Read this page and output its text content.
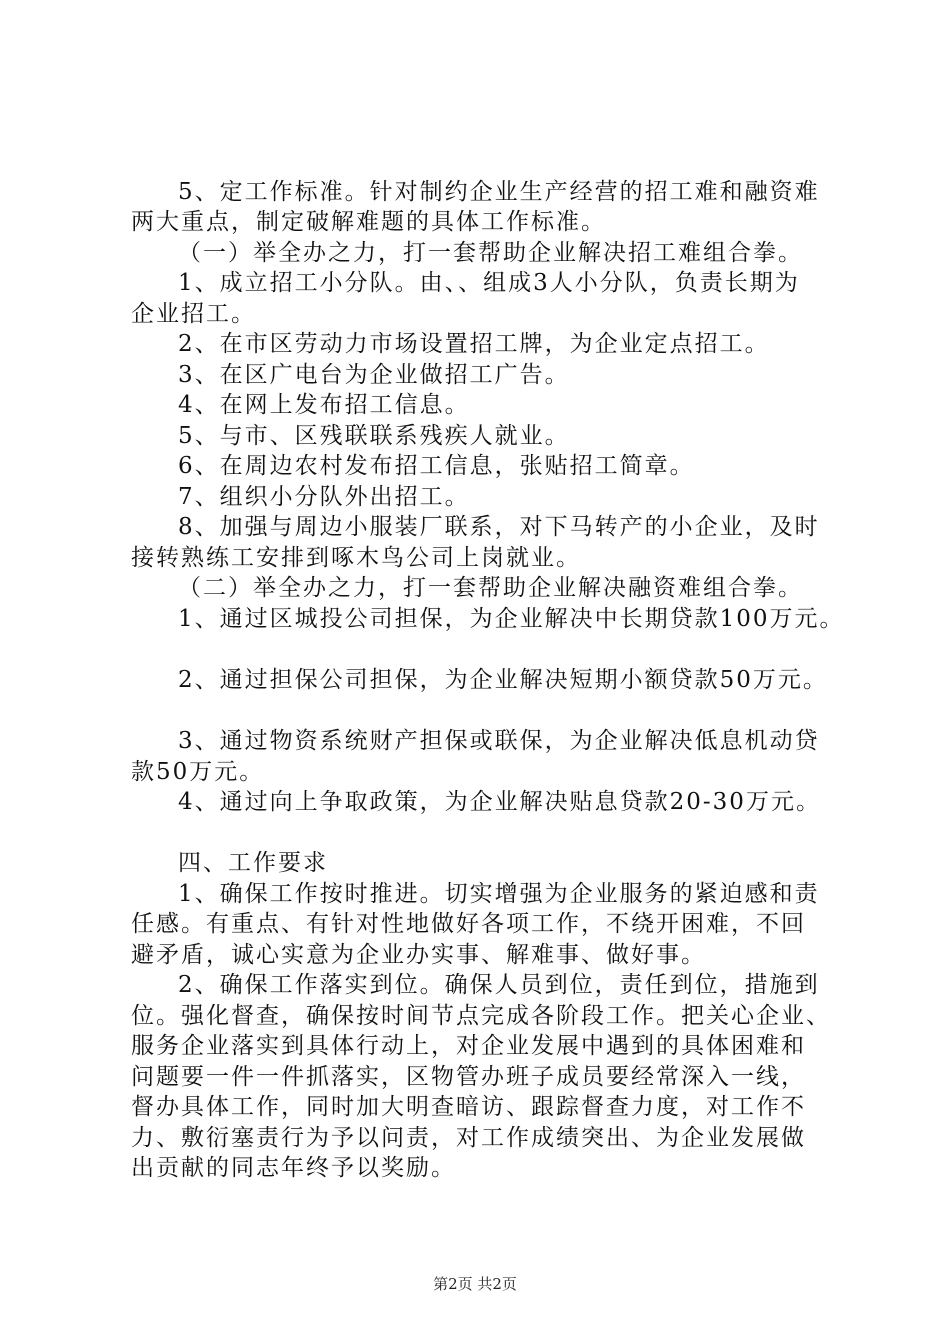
5、定工作标准。针对制约企业生产经营的招工难和融资难
两大重点，制定破解难题的具体工作标准。
（一）举全办之力，打一套帮助企业解决招工难组合拳。
1、成立招工小分队。由、、组成3人小分队，负责长期为
企业招工。
2、在市区劳动力市场设置招工牌，为企业定点招工。
3、在区广电台为企业做招工广告。
4、在网上发布招工信息。
5、与市、区残联联系残疾人就业。
6、在周边农村发布招工信息，张贴招工简章。
7、组织小分队外出招工。
8、加强与周边小服装厂联系，对下马转产的小企业，及时
接转熟练工安排到啄木鸟公司上岗就业。
（二）举全办之力，打一套帮助企业解决融资难组合拳。
1、通过区城投公司担保，为企业解决中长期贷款100万元。
2、通过担保公司担保，为企业解决短期小额贷款50万元。
3、通过物资系统财产担保或联保，为企业解决低息机动贷
款50万元。
4、通过向上争取政策，为企业解决贴息贷款20-30万元。
四、工作要求
1、确保工作按时推进。切实增强为企业服务的紧迫感和责
任感。有重点、有针对性地做好各项工作，不绕开困难，不回
避矛盾，诚心实意为企业办实事、解难事、做好事。
2、确保工作落实到位。确保人员到位，责任到位，措施到
位。强化督查，确保按时间节点完成各阶段工作。把关心企业、
服务企业落实到具体行动上，对企业发展中遇到的具体困难和
问题要一件一件抓落实，区物管办班子成员要经常深入一线，
督办具体工作，同时加大明查暗访、跟踪督查力度，对工作不
力、敷衍塞责行为予以问责，对工作成绩突出、为企业发展做
出贡献的同志年终予以奖励。
第2页 共2页
